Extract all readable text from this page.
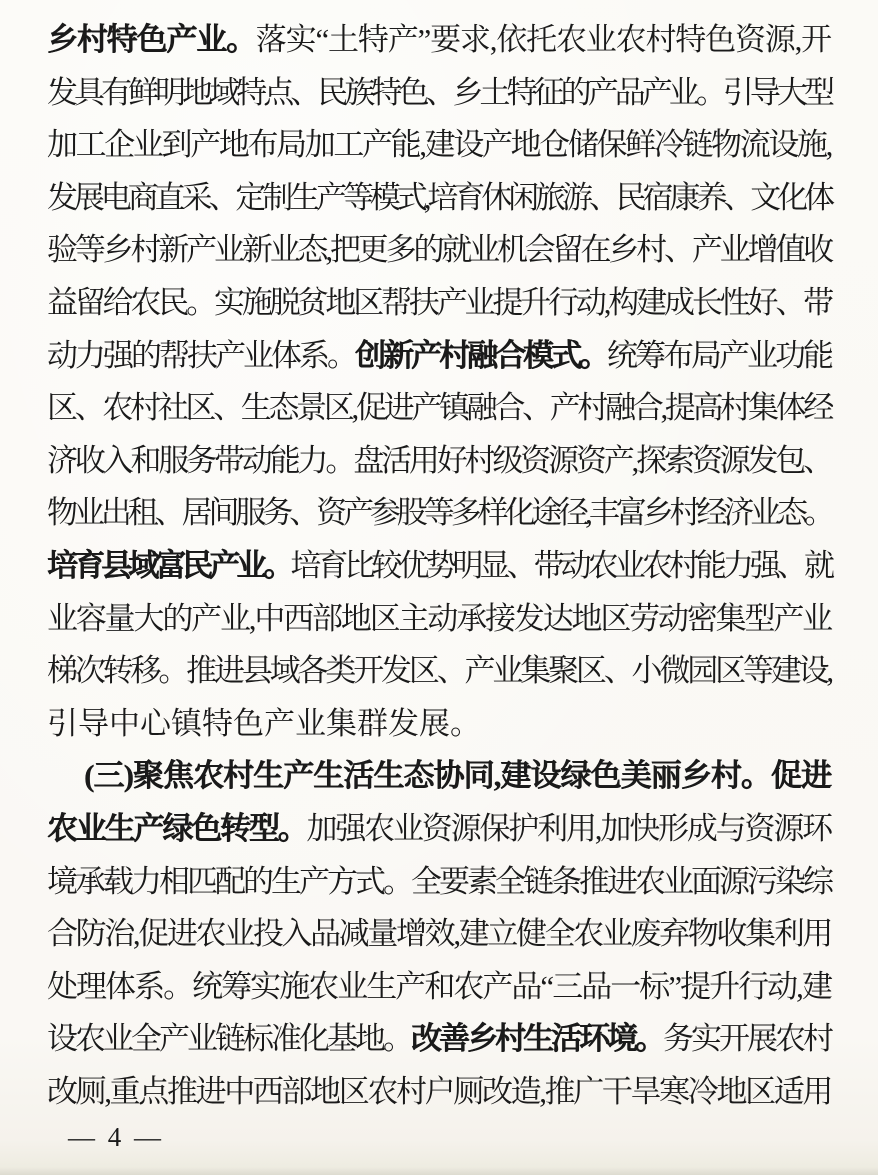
乡村特色产业。落实“土特产”要求,依托农业农村特色资源,开
发具有鲜明地域特点、民族特色、乡土特征的产品产业。引导大型
加工企业到产地布局加工产能,建设产地仓储保鲜冷链物流设施,
发展电商直采、定制生产等模式,培育休闲旅游、民宿康养、文化体
验等乡村新产业新业态,把更多的就业机会留在乡村、产业增值收
益留给农民。实施脱贫地区帮扶产业提升行动,构建成长性好、带
动力强的帮扶产业体系。创新产村融合模式。统筹布局产业功能
区、农村社区、生态景区,促进产镇融合、产村融合,提高村集体经
济收入和服务带动能力。盘活用好村级资源资产,探索资源发包、
物业出租、居间服务、资产参股等多样化途径,丰富乡村经济业态。
培育县域富民产业。培育比较优势明显、带动农业农村能力强、就
业容量大的产业,中西部地区主动承接发达地区劳动密集型产业
梯次转移。推进县域各类开发区、产业集聚区、小微园区等建设,
引导中心镇特色产业集群发展。
(三)聚焦农村生产生活生态协同,建设绿色美丽乡村。促进
农业生产绿色转型。加强农业资源保护利用,加快形成与资源环
境承载力相匹配的生产方式。全要素全链条推进农业面源污染综
合防治,促进农业投入品减量增效,建立健全农业废弃物收集利用
处理体系。统筹实施农业生产和农产品“三品一标”提升行动,建
设农业全产业链标准化基地。改善乡村生活环境。务实开展农村
改厕,重点推进中西部地区农村户厕改造,推广干旱寒冷地区适用
— 4 —
